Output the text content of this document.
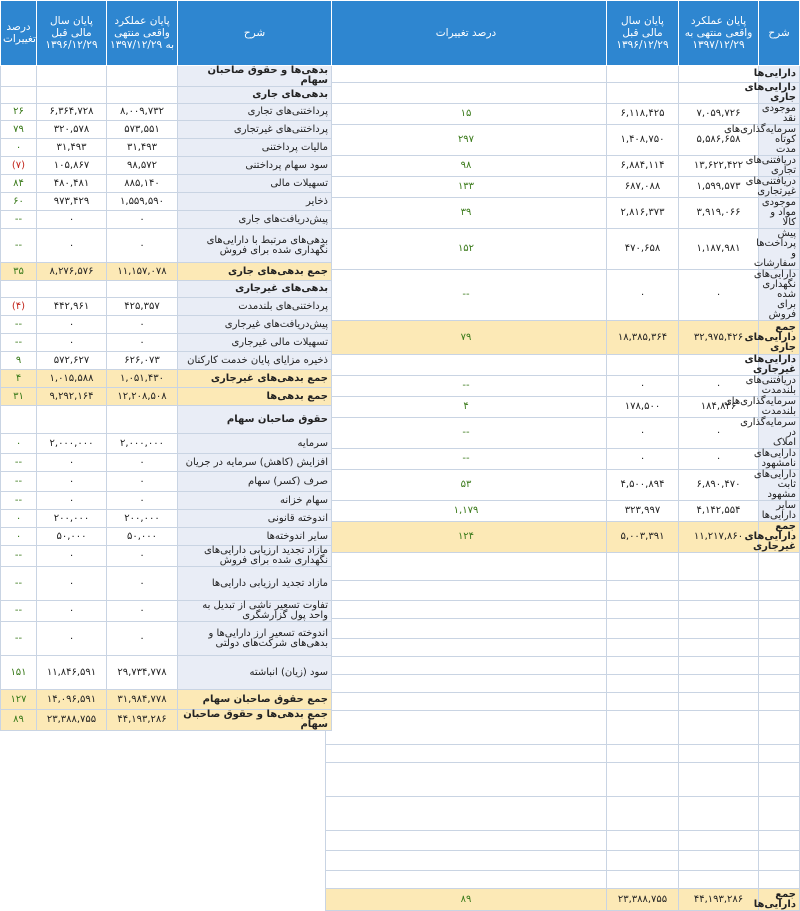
درصد تغییرات	پایان سال مالی قبل ۱۳۹۶/۱۲/۲۹	پایان عملکرد واقعی منتهی به ۱۳۹۷/۱۲/۲۹	شرح
			دارایی‌ها
			دارایی‌های جاری
۱۵	۶,۱۱۸,۴۲۵	۷,۰۵۹,۷۲۶	موجودی نقد
۲۹۷	۱,۴۰۸,۷۵۰	۵,۵۸۶,۶۵۸	سرمایه‌گذاری‌های کوتاه مدت
۹۸	۶,۸۸۴,۱۱۴	۱۳,۶۲۲,۴۲۲	دریافتنی‌های تجاری
۱۳۳	۶۸۷,۰۸۸	۱,۵۹۹,۵۷۳	دریافتنی‌های غیرتجاری
۳۹	۲,۸۱۶,۳۷۳	۳,۹۱۹,۰۶۶	موجودی مواد و کالا
۱۵۲	۴۷۰,۶۵۸	۱,۱۸۷,۹۸۱	پیش پرداخت‌ها و سفارشات
--	۰	۰	دارایی‌های نگهداری شده برای فروش
۷۹	۱۸,۳۸۵,۳۶۴	۳۲,۹۷۵,۴۲۶	جمع دارایی‌های جاری
			دارایی‌های غیرجاری
--	۰	۰	دریافتنی‌های بلندمدت
۴	۱۷۸,۵۰۰	۱۸۴,۸۳۶	سرمایه‌گذاری‌های بلندمدت
--	۰	۰	سرمایه‌گذاری در املاک
--	۰	۰	دارایی‌های نامشهود
۵۳	۴,۵۰۰,۸۹۴	۶,۸۹۰,۴۷۰	دارایی‌های ثابت مشهود
۱,۱۷۹	۳۲۳,۹۹۷	۴,۱۴۲,۵۵۴	سایر دارایی‌ها
۱۲۴	۵,۰۰۳,۳۹۱	۱۱,۲۱۷,۸۶۰	جمع دارایی‌های غیرجاری

۸۹	۲۳,۳۸۸,۷۵۵	۴۴,۱۹۳,۲۸۶	جمع دارایی‌ها
درصد تغییرات	پایان سال مالی قبل ۱۳۹۶/۱۲/۲۹	پایان عملکرد واقعی منتهی به ۱۳۹۷/۱۲/۲۹	شرح
			بدهی‌ها و حقوق صاحبان سهام
			بدهی‌های جاری
۲۶	۶,۳۶۴,۷۲۸	۸,۰۰۹,۷۳۲	پرداختنی‌های تجاری
۷۹	۳۲۰,۵۷۸	۵۷۳,۵۵۱	پرداختنی‌های غیرتجاری
۰	۳۱,۴۹۳	۳۱,۴۹۳	مالیات پرداختنی
(۷)	۱۰۵,۸۶۷	۹۸,۵۷۲	سود سهام پرداختنی
۸۴	۴۸۰,۴۸۱	۸۸۵,۱۴۰	تسهیلات مالی
۶۰	۹۷۳,۴۲۹	۱,۵۵۹,۵۹۰	ذخایر
--	۰	۰	پیش‌دریافت‌های جاری
--	۰	۰	بدهی‌های مرتبط با دارایی‌های نگهداری شده برای فروش
۳۵	۸,۲۷۶,۵۷۶	۱۱,۱۵۷,۰۷۸	جمع بدهی‌های جاری
			بدهی‌های غیرجاری
(۴)	۴۴۲,۹۶۱	۴۲۵,۳۵۷	پرداختنی‌های بلندمدت
--	۰	۰	پیش‌دریافت‌های غیرجاری
--	۰	۰	تسهیلات مالی غیرجاری
۹	۵۷۲,۶۲۷	۶۲۶,۰۷۳	ذخیره مزایای پایان خدمت کارکنان
۴	۱,۰۱۵,۵۸۸	۱,۰۵۱,۴۳۰	جمع بدهی‌های غیرجاری
۳۱	۹,۲۹۲,۱۶۴	۱۲,۲۰۸,۵۰۸	جمع بدهی‌ها
			حقوق صاحبان سهام
۰	۲,۰۰۰,۰۰۰	۲,۰۰۰,۰۰۰	سرمایه
--	۰	۰	افزایش (کاهش) سرمایه در جریان
--	۰	۰	صرف (کسر) سهام
--	۰	۰	سهام خزانه
۰	۲۰۰,۰۰۰	۲۰۰,۰۰۰	اندوخته قانونی
۰	۵۰,۰۰۰	۵۰,۰۰۰	سایر اندوخته‌ها
--	۰	۰	مازاد تجدید ارزیابی دارایی‌های نگهداری شده برای فروش
--	۰	۰	مازاد تجدید ارزیابی دارایی‌ها
--	۰	۰	تفاوت تسعیر ناشی از تبدیل به واحد پول گزارشگری
--	۰	۰	اندوخته تسعیر ارز دارایی‌ها و بدهی‌های شرکت‌های دولتی
۱۵۱	۱۱,۸۴۶,۵۹۱	۲۹,۷۳۴,۷۷۸	سود (زیان) انباشته
۱۲۷	۱۴,۰۹۶,۵۹۱	۳۱,۹۸۴,۷۷۸	جمع حقوق صاحبان سهام
۸۹	۲۳,۳۸۸,۷۵۵	۴۴,۱۹۳,۲۸۶	جمع بدهی‌ها و حقوق صاحبان سهام
